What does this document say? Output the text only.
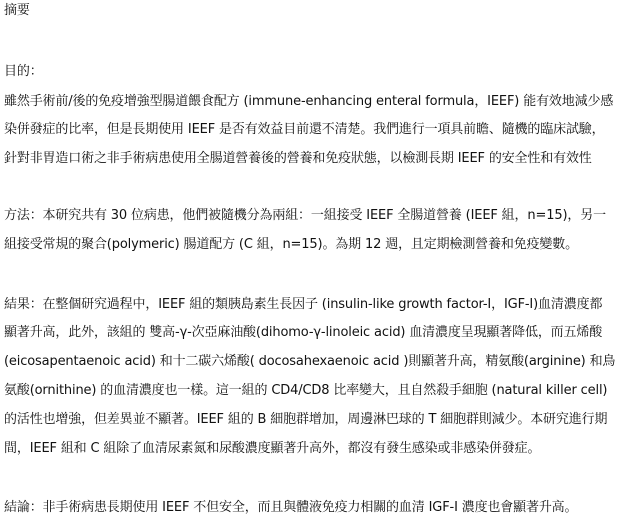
摘要
目的：
雖然手術前/後的免疫增強型腸道餵食配方 (immune-enhancing enteral formula，IEEF) 能有效地減少感
染併發症的比率，但是長期使用 IEEF 是否有效益目前還不清楚。我們進行一項具前瞻、隨機的臨床試驗，
針對非胃造口術之非手術病患使用全腸道營養後的營養和免疫狀態，以檢測長期 IEEF 的安全性和有效性
方法：本研究共有 30 位病患，他們被隨機分為兩組：一組接受 IEEF 全腸道營養 (IEEF 組，n=15)，另一
組接受常規的聚合(polymeric) 腸道配方 (C 組，n=15)。為期 12 週，且定期檢測營養和免疫變數。
結果：在整個研究過程中，IEEF 組的類胰島素生長因子 (insulin-like growth factor-I，IGF-I)血清濃度都
顯著升高，此外，該組的 雙高-γ-次亞麻油酸(dihomo-γ-linoleic acid) 血清濃度呈現顯著降低，而五烯酸
(eicosapentaenoic acid) 和十二碳六烯酸( docosahexaenoic acid )則顯著升高，精氨酸(arginine) 和鳥
氨酸(ornithine) 的血清濃度也一樣。這一組的 CD4/CD8 比率變大，且自然殺手細胞 (natural killer cell)
的活性也增強，但差異並不顯著。IEEF 組的 B 細胞群增加，周邊淋巴球的 T 細胞群則減少。本研究進行期
間，IEEF 組和 C 組除了血清尿素氮和尿酸濃度顯著升高外，都沒有發生感染或非感染併發症。
結論：非手術病患長期使用 IEEF 不但安全，而且與體液免疫力相關的血清 IGF-I 濃度也會顯著升高。
